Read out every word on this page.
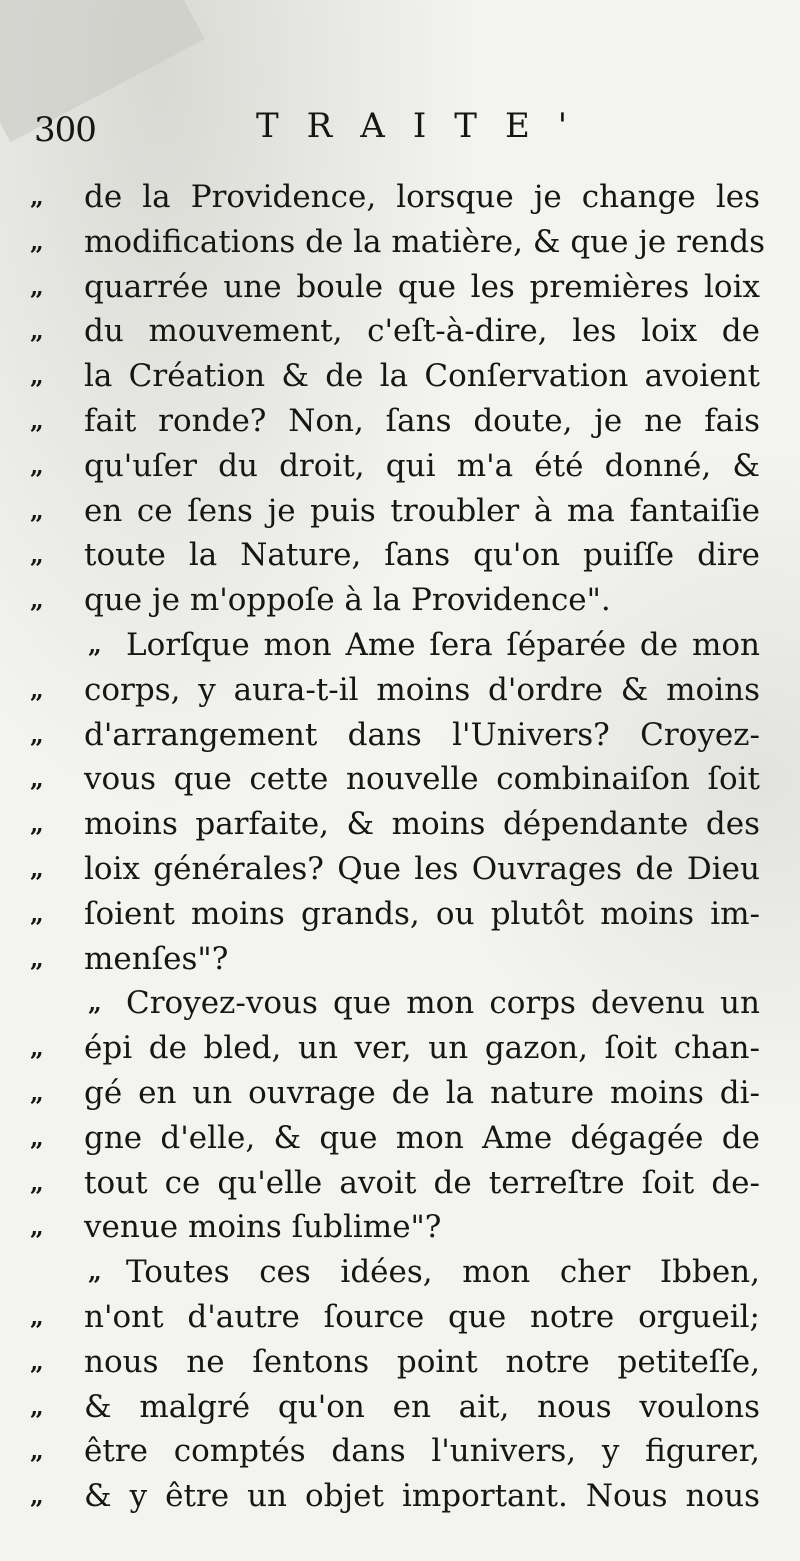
300	TRAITE'
„	de la Providence, lorsque je change les
„	modifications de la matière, & que je rends
„	quarrée une boule que les premières loix
„	du mouvement, c'eſt-à-dire, les loix de
„	la Création & de la Conſervation avoient
„	fait ronde? Non, ſans doute, je ne fais
„	qu'uſer du droit, qui m'a été donné, &
„	en ce ſens je puis troubler à ma fantaiſie
„	toute la Nature, ſans qu'on puiſſe dire
„	que je m'oppoſe à la Providence".
„ Lorſque mon Ame ſera ſéparée de mon
„	corps, y aura-t-il moins d'ordre & moins
„	d'arrangement dans l'Univers? Croyez-
„	vous que cette nouvelle combinaiſon ſoit
„	moins parfaite, & moins dépendante des
„	loix générales? Que les Ouvrages de Dieu
„	ſoient moins grands, ou plutôt moins im-
„	menſes"?
„ Croyez-vous que mon corps devenu un
„	épi de bled, un ver, un gazon, ſoit chan-
„	gé en un ouvrage de la nature moins di-
„	gne d'elle, & que mon Ame dégagée de
„	tout ce qu'elle avoit de terreſtre ſoit de-
„	venue moins ſublime"?
„ Toutes ces idées, mon cher Ibben,
„	n'ont d'autre ſource que notre orgueil;
„	nous ne ſentons point notre petiteſſe,
„	& malgré qu'on en ait, nous voulons
„	être comptés dans l'univers, y figurer,
„	& y être un objet important. Nous nous
